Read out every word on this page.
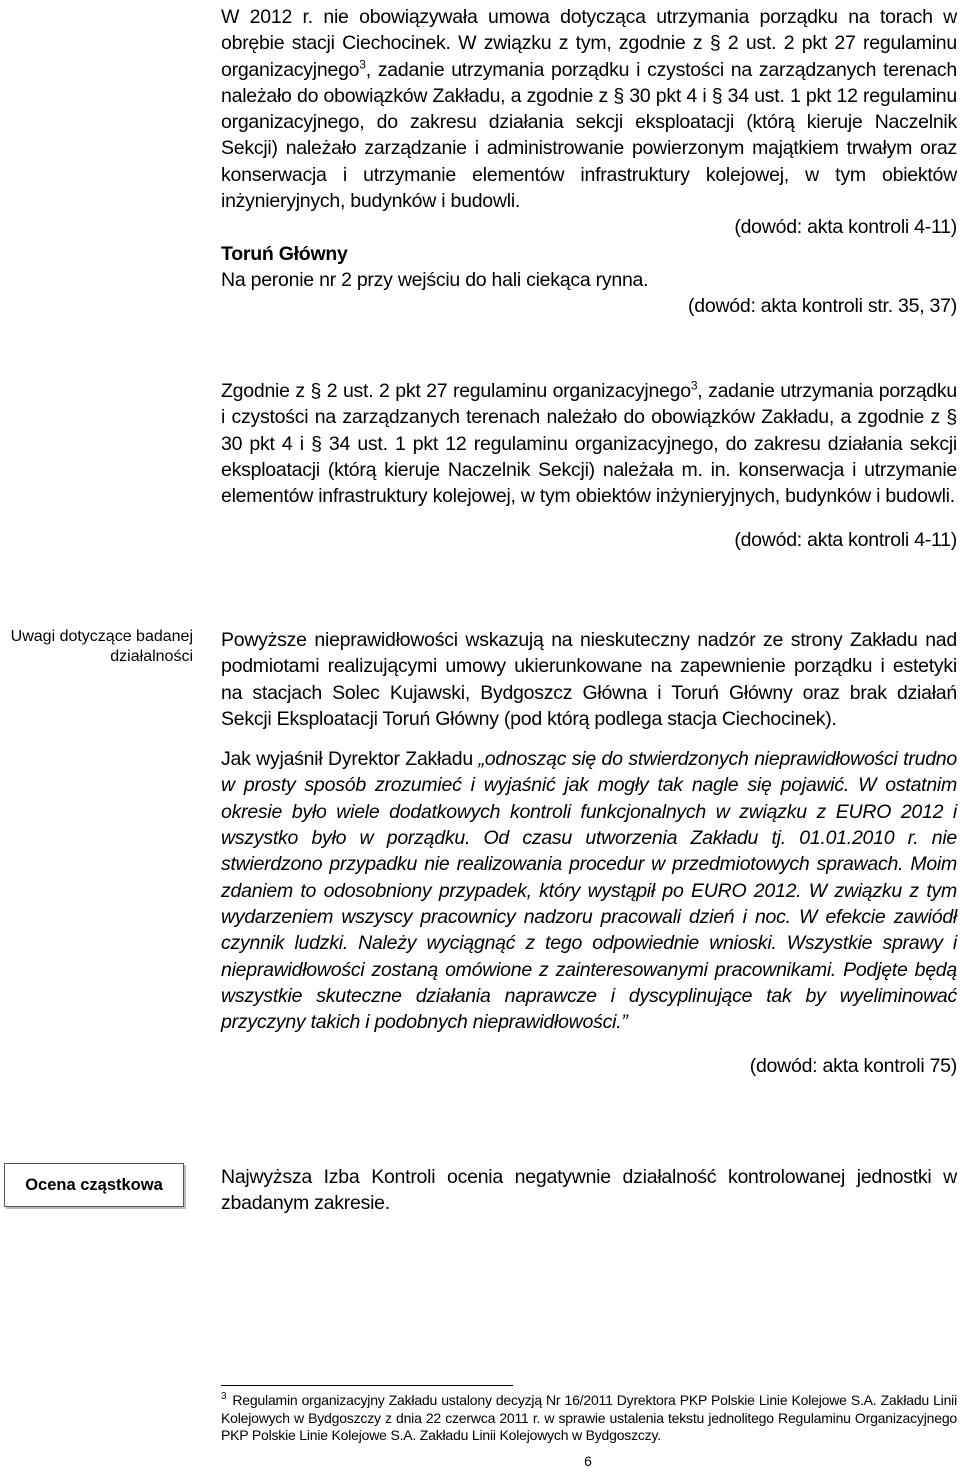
W 2012 r. nie obowiązywała umowa dotycząca utrzymania porządku na torach w obrębie stacji Ciechocinek. W związku z tym, zgodnie z § 2 ust. 2 pkt 27 regulaminu organizacyjnego$^3$, zadanie utrzymania porządku i czystości na zarządzanych terenach należało do obowiązków Zakładu, a zgodnie z § 30 pkt 4 i § 34 ust. 1 pkt 12 regulaminu organizacyjnego, do zakresu działania sekcji eksploatacji (którą kieruje Naczelnik Sekcji) należało zarządzanie i administrowanie powierzonym majątkiem trwałym oraz konserwacja i utrzymanie elementów infrastruktury kolejowej, w tym obiektów inżynieryjnych, budynków i budowli.

(dowód: akta kontroli 4-11)

Toruń Główny

Na peronie nr 2 przy wejściu do hali ciekąca rynna.

(dowód: akta kontroli str. 35, 37)

Zgodnie z § 2 ust. 2 pkt 27 regulaminu organizacyjnego$^3$, zadanie utrzymania porządku i czystości na zarządzanych terenach należało do obowiązków Zakładu, a zgodnie z § 30 pkt 4 i § 34 ust. 1 pkt 12 regulaminu organizacyjnego, do zakresu działania sekcji eksploatacji (którą kieruje Naczelnik Sekcji) należała m. in. konserwacja i utrzymanie elementów infrastruktury kolejowej, w tym obiektów inżynieryjnych, budynków i budowli.

(dowód: akta kontroli 4-11)

Uwagi dotyczące badanej działalności

Powyższe nieprawidłowości wskazują na nieskuteczny nadzór ze strony Zakładu nad podmiotami realizującymi umowy ukierunkowane na zapewnienie porządku i estetyki na stacjach Solec Kujawski, Bydgoszcz Główna i Toruń Główny oraz brak działań Sekcji Eksploatacji Toruń Główny (pod którą podlega stacja Ciechocinek).

Jak wyjaśnił Dyrektor Zakładu „odnosząc się do stwierdzonych nieprawidłowości trudno w prosty sposób zrozumieć i wyjaśnić jak mogły tak nagle się pojawić. W ostatnim okresie było wiele dodatkowych kontroli funkcjonalnych w związku z EURO 2012 i wszystko było w porządku. Od czasu utworzenia Zakładu tj. 01.01.2010 r. nie stwierdzono przypadku nie realizowania procedur w przedmiotowych sprawach. Moim zdaniem to odosobniony przypadek, który wystąpił po EURO 2012. W związku z tym wydarzeniem wszyscy pracownicy nadzoru pracowali dzień i noc. W efekcie zawiódł czynnik ludzki. Należy wyciągnąć z tego odpowiednie wnioski. Wszystkie sprawy i nieprawidłowości zostaną omówione z zainteresowanymi pracownikami. Podjęte będą wszystkie skuteczne działania naprawcze i dyscyplinujące tak by wyeliminować przyczyny takich i podobnych nieprawidłowości.”

(dowód: akta kontroli 75)

Ocena cząstkowa	Najwyższa Izba Kontroli ocenia negatywnie działalność kontrolowanej jednostki w zbadanym zakresie.

$^3$ Regulamin organizacyjny Zakładu ustalony decyzją Nr 16/2011 Dyrektora PKP Polskie Linie Kolejowe S.A. Zakładu Linii Kolejowych w Bydgoszczy z dnia 22 czerwca 2011 r. w sprawie ustalenia tekstu jednolitego Regulaminu Organizacyjnego PKP Polskie Linie Kolejowe S.A. Zakładu Linii Kolejowych w Bydgoszczy.
6
